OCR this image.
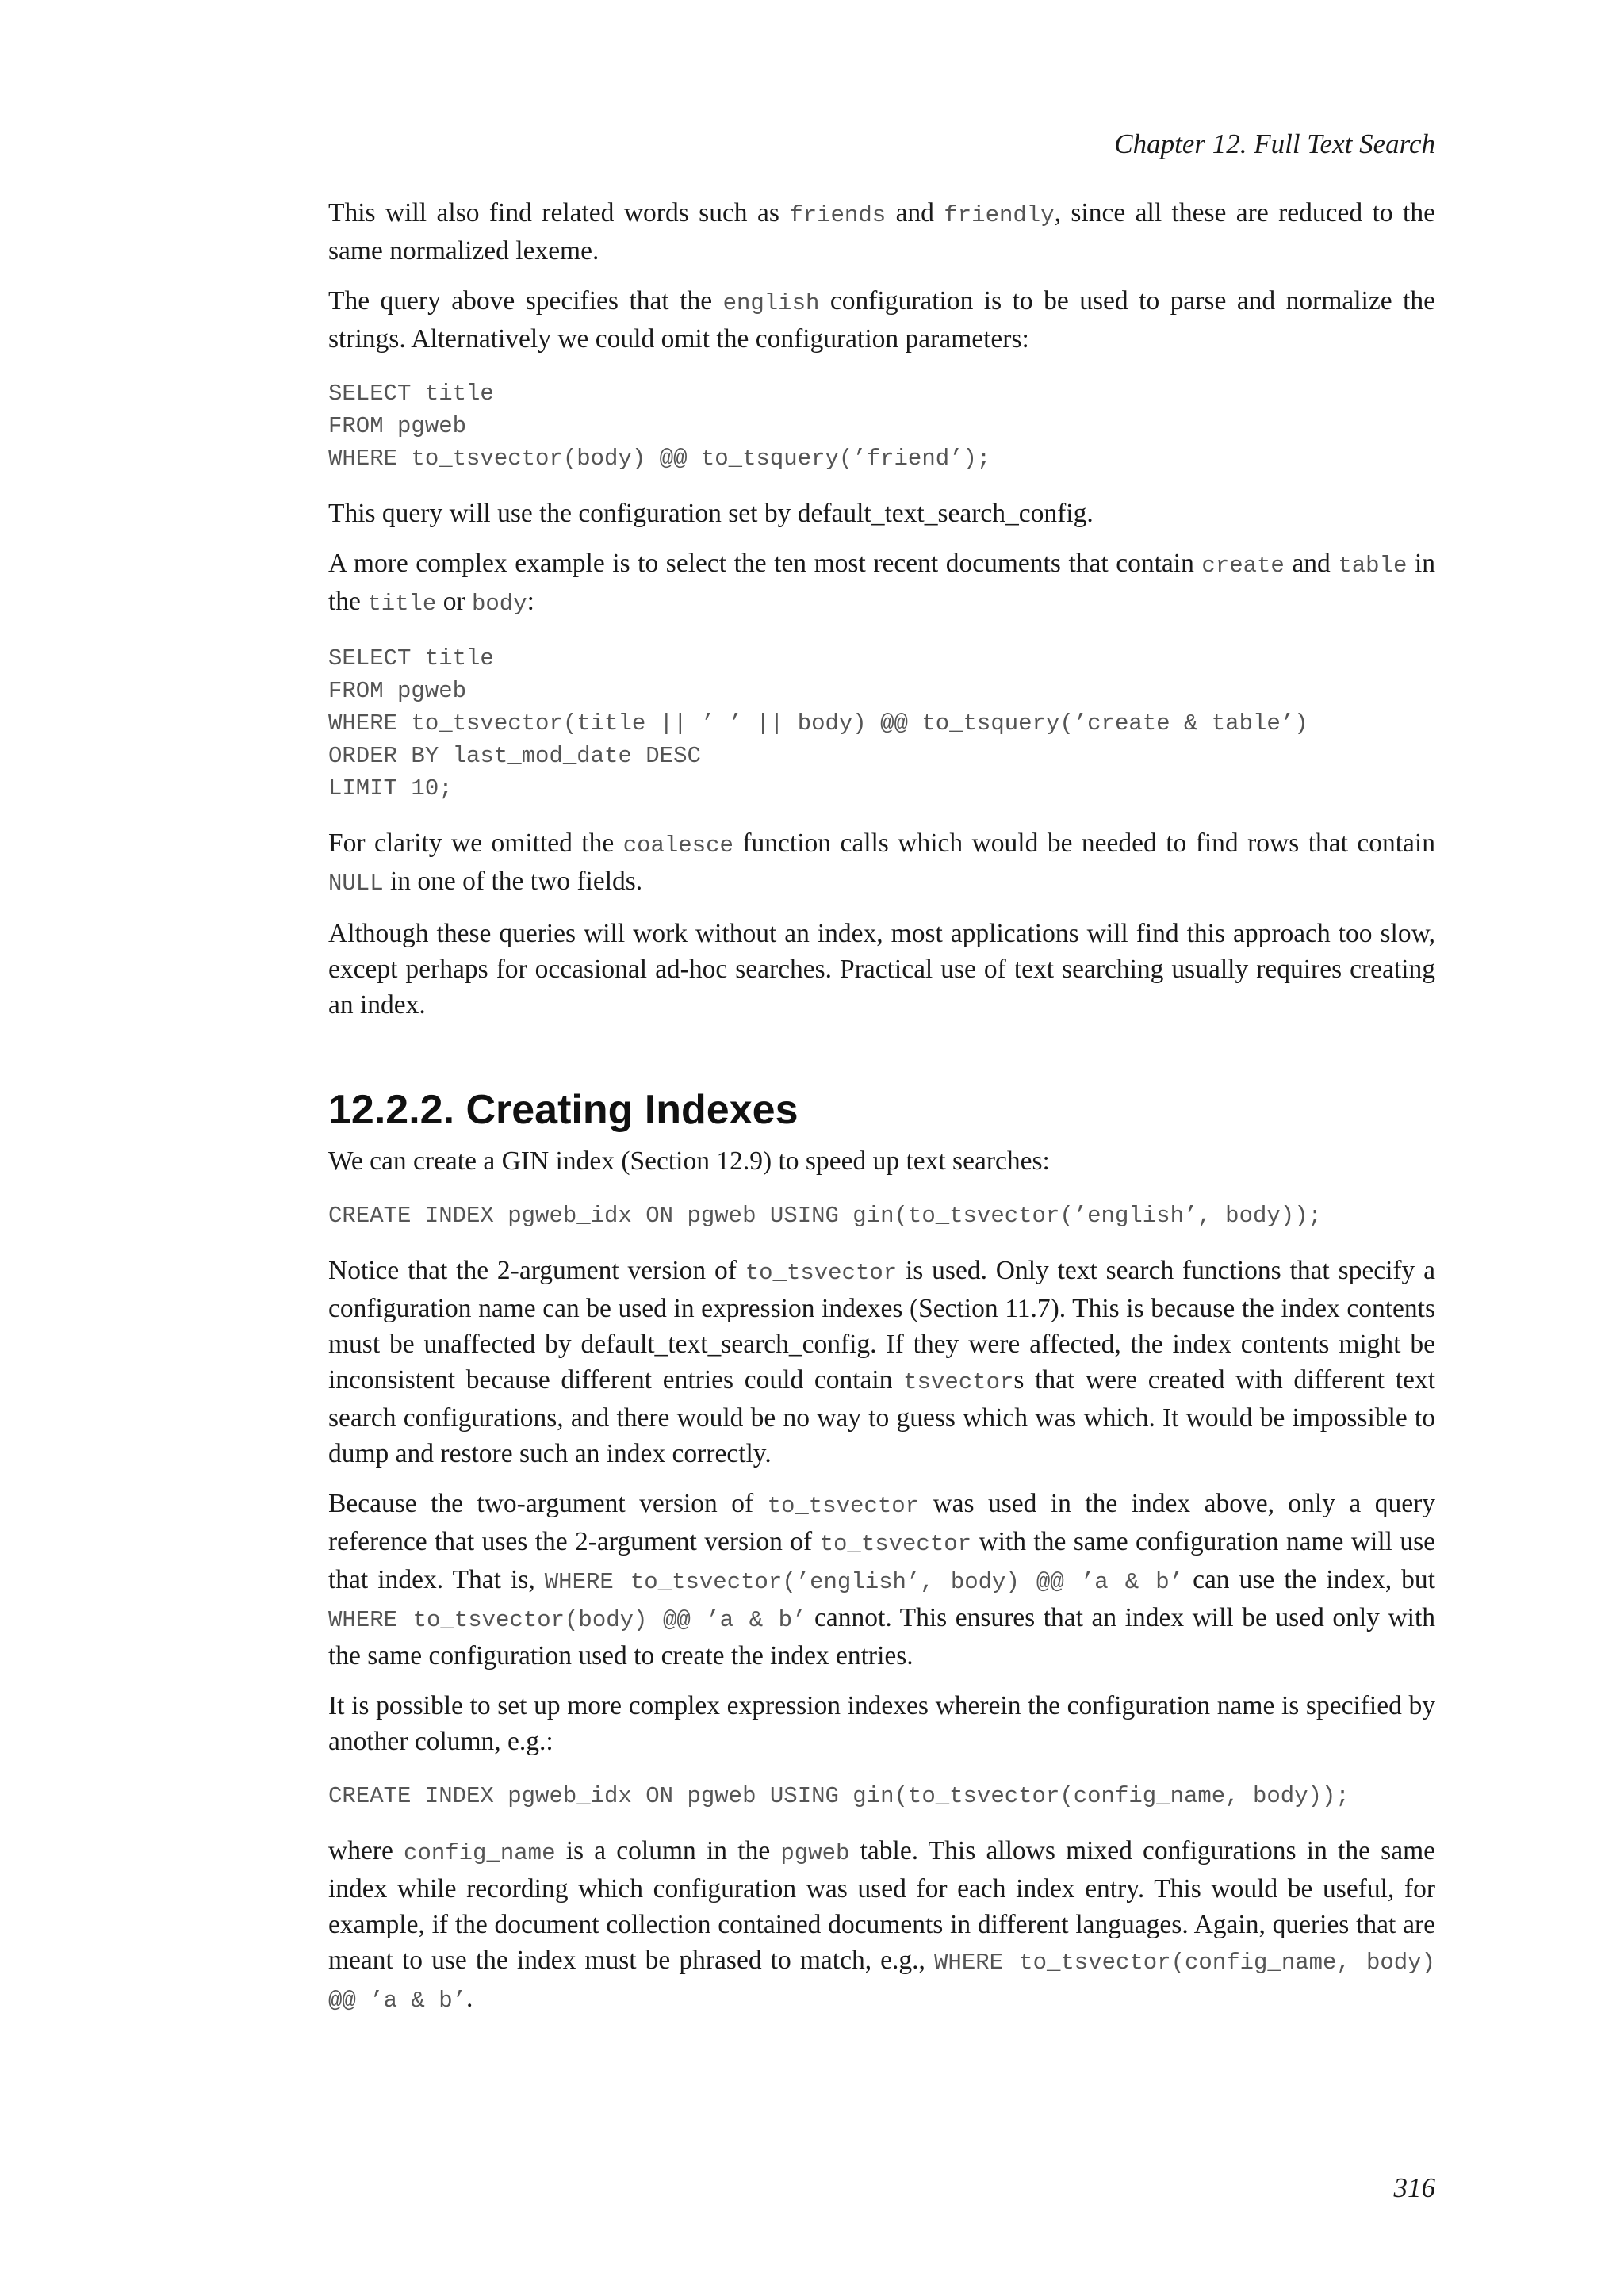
Chapter 12. Full Text Search

This will also find related words such as friends and friendly, since all these are reduced to the same normalized lexeme.

The query above specifies that the english configuration is to be used to parse and normalize the strings. Alternatively we could omit the configuration parameters:

SELECT title
FROM pgweb
WHERE to_tsvector(body) @@ to_tsquery(’friend’);

This query will use the configuration set by default_text_search_config.

A more complex example is to select the ten most recent documents that contain create and table in the title or body:

SELECT title
FROM pgweb
WHERE to_tsvector(title || ’ ’ || body) @@ to_tsquery(’create & table’)
ORDER BY last_mod_date DESC
LIMIT 10;

For clarity we omitted the coalesce function calls which would be needed to find rows that contain NULL in one of the two fields.

Although these queries will work without an index, most applications will find this approach too slow, except perhaps for occasional ad-hoc searches. Practical use of text searching usually requires creating an index.

12.2.2. Creating Indexes

We can create a GIN index (Section 12.9) to speed up text searches:

CREATE INDEX pgweb_idx ON pgweb USING gin(to_tsvector(’english’, body));

Notice that the 2-argument version of to_tsvector is used. Only text search functions that specify a configuration name can be used in expression indexes (Section 11.7). This is because the index contents must be unaffected by default_text_search_config. If they were affected, the index contents might be inconsistent because different entries could contain tsvectors that were created with different text search configurations, and there would be no way to guess which was which. It would be impossible to dump and restore such an index correctly.

Because the two-argument version of to_tsvector was used in the index above, only a query reference that uses the 2-argument version of to_tsvector with the same configuration name will use that index. That is, WHERE to_tsvector(’english’, body) @@ ’a & b’ can use the index, but WHERE to_tsvector(body) @@ ’a & b’ cannot. This ensures that an index will be used only with the same configuration used to create the index entries.

It is possible to set up more complex expression indexes wherein the configuration name is specified by another column, e.g.:

CREATE INDEX pgweb_idx ON pgweb USING gin(to_tsvector(config_name, body));

where config_name is a column in the pgweb table. This allows mixed configurations in the same index while recording which configuration was used for each index entry. This would be useful, for example, if the document collection contained documents in different languages. Again, queries that are meant to use the index must be phrased to match, e.g., WHERE to_tsvector(config_name, body) @@ ’a & b’.

316
